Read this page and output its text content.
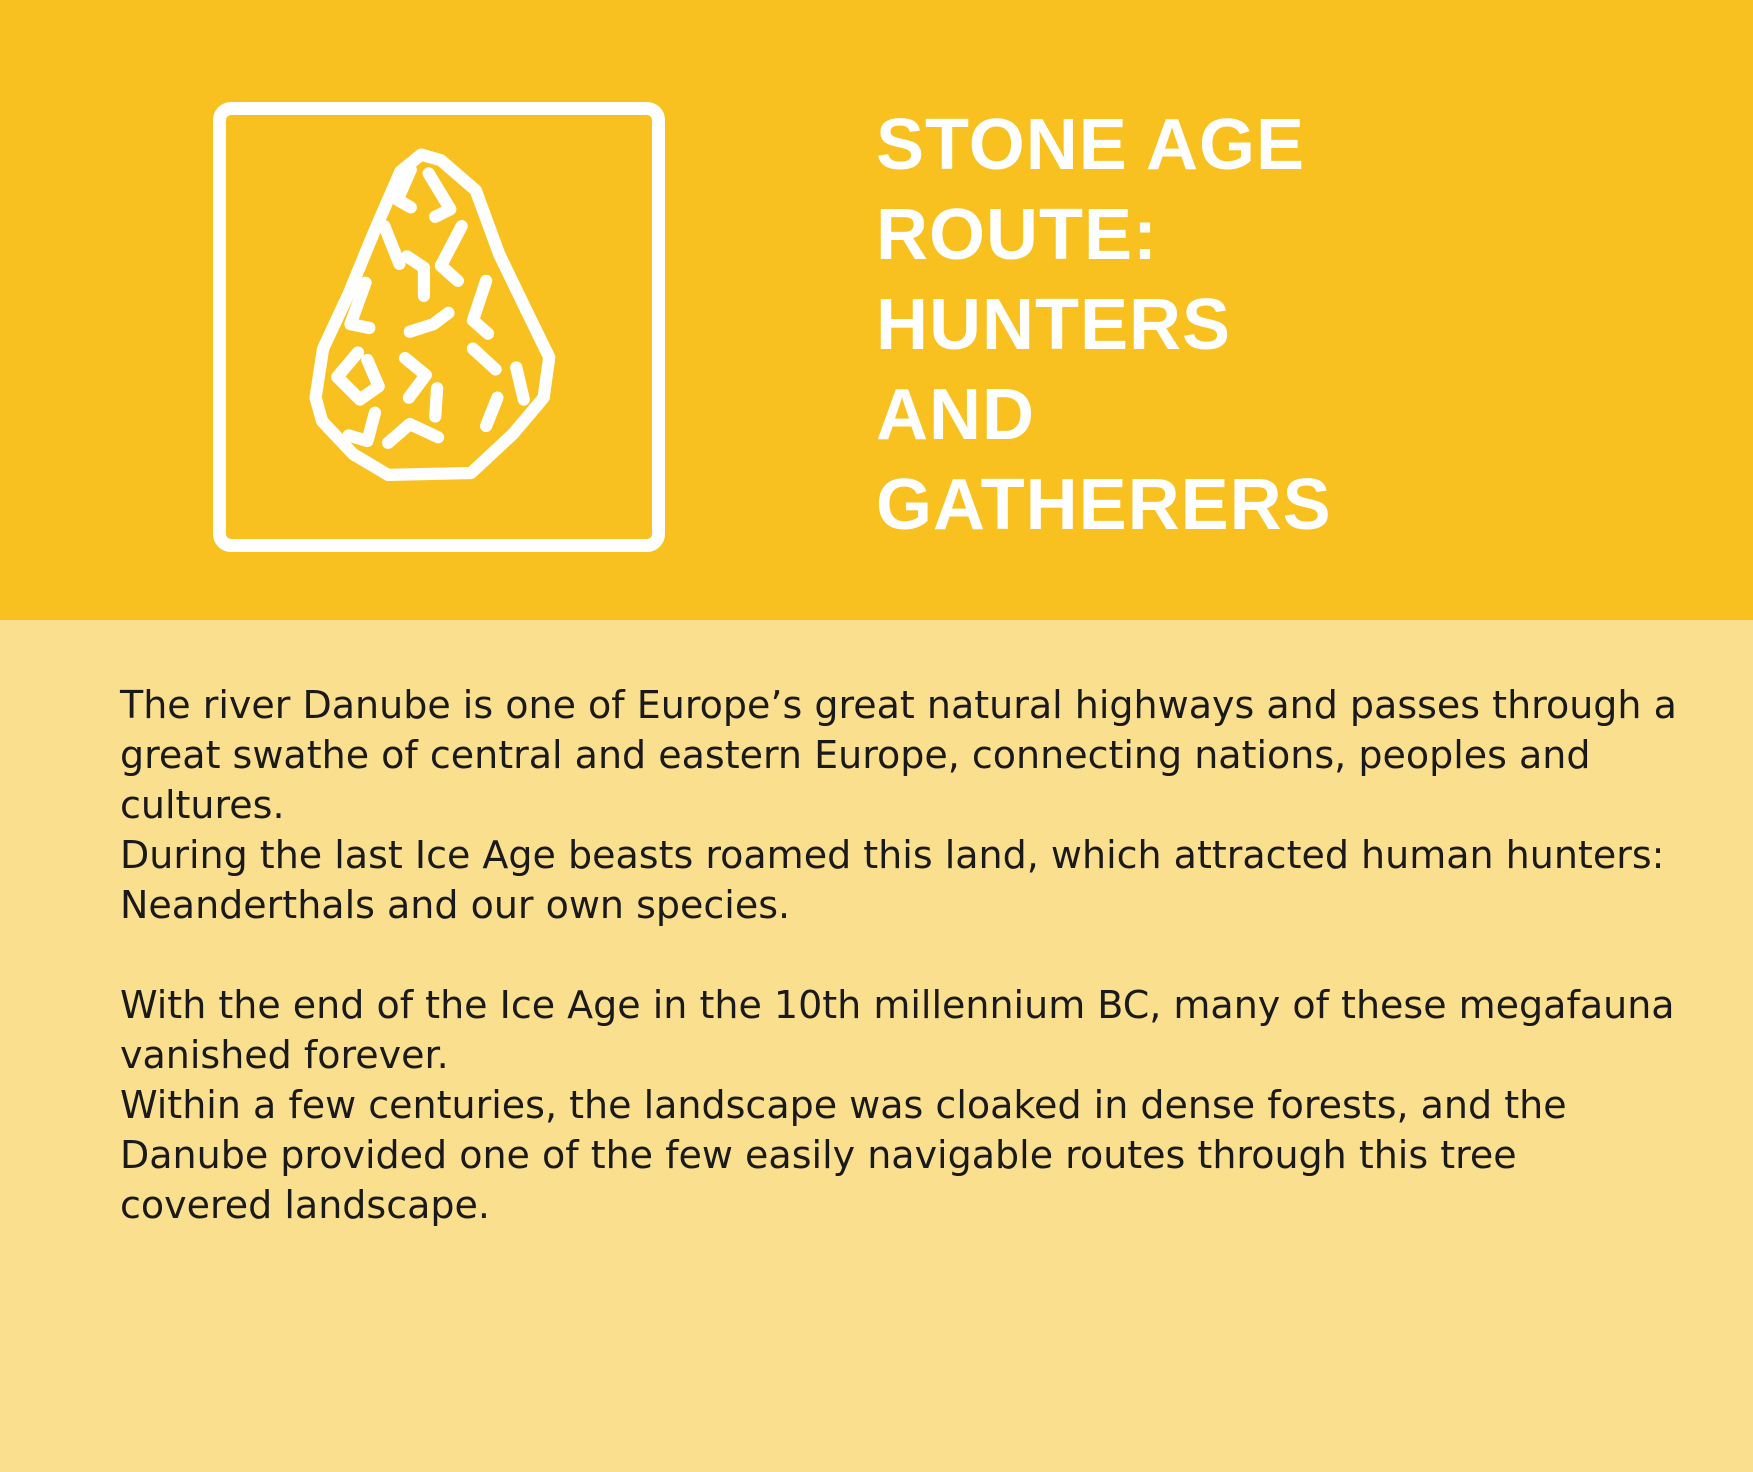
STONE AGE
ROUTE:
HUNTERS
AND
GATHERERS

The river Danube is one of Europe’s great natural highways and passes through a great swathe of central and eastern Europe, connecting nations, peoples and cultures.

During the last Ice Age beasts roamed this land, which attracted human hunters: Neanderthals and our own species.

With the end of the Ice Age in the 10th millennium BC, many of these megafauna vanished forever.

Within a few centuries, the landscape was cloaked in dense forests, and the Danube provided one of the few easily navigable routes through this tree covered landscape.
